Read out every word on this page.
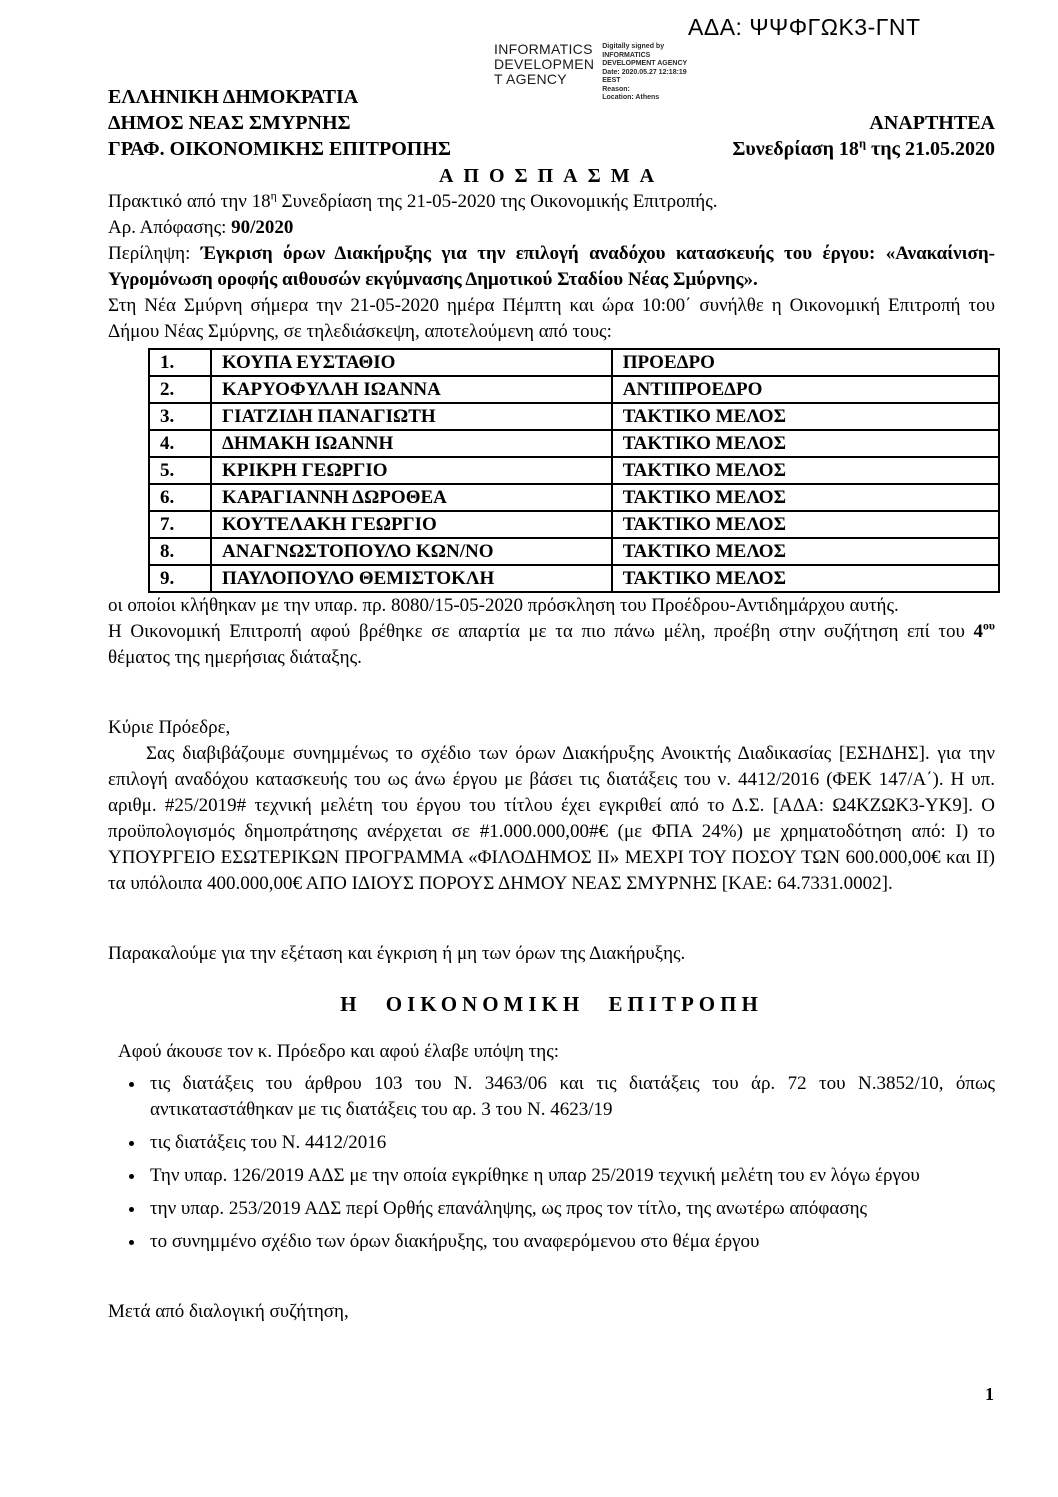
ΑΔΑ: ΨΨΦΓΩΚ3-ΓΝΤ
INFORMATICS
DEVELOPMEN
T AGENCY
Digitally signed by
INFORMATICS
DEVELOPMENT AGENCY
Date: 2020.05.27 12:18:19
EEST
Reason:
Location: Athens
ΕΛΛΗΝΙΚΗ ΔΗΜΟΚΡΑΤΙΑ
ΔΗΜΟΣ ΝΕΑΣ ΣΜΥΡΝΗΣ	ΑΝΑΡΤΗΤΕΑ
ΓΡΑΦ. ΟΙΚΟΝΟΜΙΚΗΣ ΕΠΙΤΡΟΠΗΣ	Συνεδρίαση $18^\eta$ της 21.05.2020
ΑΠΟΣΠΑΣΜΑ

Πρακτικό από την $18^\eta$ Συνεδρίαση της 21-05-2020 της Οικονομικής Επιτροπής.

Αρ. Απόφασης: 90/2020

Περίληψη: Έγκριση όρων Διακήρυξης για την επιλογή αναδόχου κατασκευής του έργου: «Ανακαίνιση-Υγρομόνωση οροφής αιθουσών εκγύμνασης Δημοτικού Σταδίου Νέας Σμύρνης».

Στη Νέα Σμύρνη σήμερα την 21-05-2020 ημέρα Πέμπτη και ώρα 10:00΄ συνήλθε η Οικονομική Επιτροπή του Δήμου Νέας Σμύρνης, σε τηλεδιάσκεψη, αποτελούμενη από τους:

1.	ΚΟΥΠΑ ΕΥΣΤΑΘΙΟ	ΠΡΟΕΔΡΟ
2.	ΚΑΡΥΟΦΥΛΛΗ ΙΩΑΝΝΑ	ΑΝΤΙΠΡΟΕΔΡΟ
3.	ΓΙΑΤΖΙΔΗ ΠΑΝΑΓΙΩΤΗ	ΤΑΚΤΙΚΟ ΜΕΛΟΣ
4.	ΔΗΜΑΚΗ ΙΩΑΝΝΗ	ΤΑΚΤΙΚΟ ΜΕΛΟΣ
5.	ΚΡΙΚΡΗ ΓΕΩΡΓΙΟ	ΤΑΚΤΙΚΟ ΜΕΛΟΣ
6.	ΚΑΡΑΓΙΑΝΝΗ ΔΩΡΟΘΕΑ	ΤΑΚΤΙΚΟ ΜΕΛΟΣ
7.	ΚΟΥΤΕΛΑΚΗ ΓΕΩΡΓΙΟ	ΤΑΚΤΙΚΟ ΜΕΛΟΣ
8.	ΑΝΑΓΝΩΣΤΟΠΟΥΛΟ ΚΩΝ/ΝΟ	ΤΑΚΤΙΚΟ ΜΕΛΟΣ
9.	ΠΑΥΛΟΠΟΥΛΟ ΘΕΜΙΣΤΟΚΛΗ	ΤΑΚΤΙΚΟ ΜΕΛΟΣ

οι οποίοι κλήθηκαν με την υπαρ. πρ. 8080/15-05-2020 πρόσκληση του Προέδρου-Αντιδημάρχου αυτής.

Η Οικονομική Επιτροπή αφού βρέθηκε σε απαρτία με τα πιο πάνω μέλη, προέβη στην συζήτηση επί του $4^{o\upsilon}$ θέματος της ημερήσιας διάταξης.

Κύριε Πρόεδρε,

Σας διαβιβάζουμε συνημμένως το σχέδιο των όρων Διακήρυξης Ανοικτής Διαδικασίας [ΕΣΗΔΗΣ]. για την επιλογή αναδόχου κατασκευής του ως άνω έργου με βάσει τις διατάξεις του ν. 4412/2016 (ΦΕΚ 147/Α΄). Η υπ. αριθμ. #25/2019# τεχνική μελέτη του έργου του τίτλου έχει εγκριθεί από το Δ.Σ. [ΑΔΑ: Ω4ΚΖΩΚ3-ΥΚ9]. Ο προϋπολογισμός δημοπράτησης ανέρχεται σε #1.000.000,00#€ (με ΦΠΑ 24%) με χρηματοδότηση από: Ι) το ΥΠΟΥΡΓΕΙΟ ΕΣΩΤΕΡΙΚΩΝ ΠΡΟΓΡΑΜΜΑ «ΦΙΛΟΔΗΜΟΣ ΙΙ» ΜΕΧΡΙ ΤΟΥ ΠΟΣΟΥ ΤΩΝ 600.000,00€ και ΙΙ) τα υπόλοιπα 400.000,00€ ΑΠΟ ΙΔΙΟΥΣ ΠΟΡΟΥΣ ΔΗΜΟΥ ΝΕΑΣ ΣΜΥΡΝΗΣ [ΚΑΕ: 64.7331.0002].

Παρακαλούμε για την εξέταση και έγκριση ή μη των όρων της Διακήρυξης.

Η ΟΙΚΟΝΟΜΙΚΗ ΕΠΙΤΡΟΠΗ

Αφού άκουσε τον κ. Πρόεδρο και αφού έλαβε υπόψη της:

• τις διατάξεις του άρθρου 103 του Ν. 3463/06 και τις διατάξεις του άρ. 72 του Ν.3852/10, όπως αντικαταστάθηκαν με τις διατάξεις του αρ. 3 του Ν. 4623/19
• τις διατάξεις του Ν. 4412/2016
• Την υπαρ. 126/2019 ΑΔΣ με την οποία εγκρίθηκε η υπαρ 25/2019 τεχνική μελέτη του εν λόγω έργου
• την υπαρ. 253/2019 ΑΔΣ περί Ορθής επανάληψης, ως προς τον τίτλο, της ανωτέρω απόφασης
• το συνημμένο σχέδιο των όρων διακήρυξης, του αναφερόμενου στο θέμα έργου

Μετά από διαλογική συζήτηση,

1
